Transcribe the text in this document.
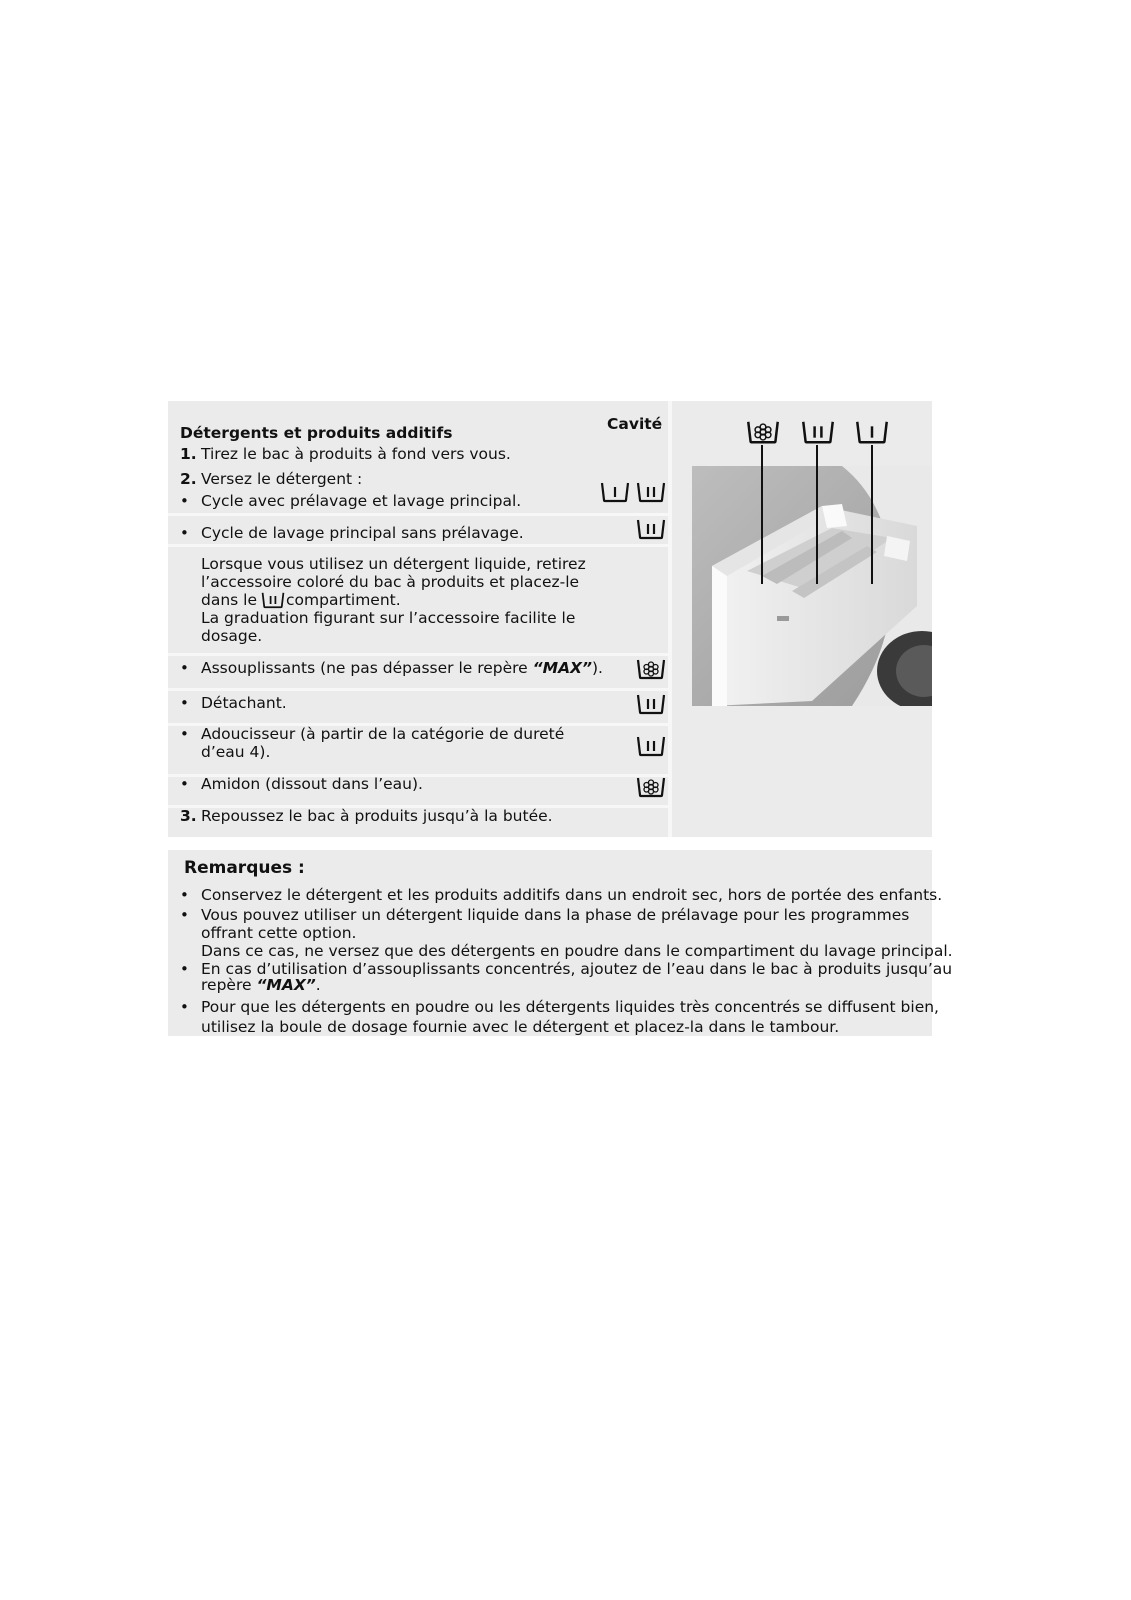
Détergents et produits additifs	Cavité
1. Tirez le bac à produits à fond vers vous.
2. Versez le détergent :
• Cycle avec prélavage et lavage principal.
• Cycle de lavage principal sans prélavage.
Lorsque vous utilisez un détergent liquide, retirez
l’accessoire coloré du bac à produits et placez-le
dans le compartiment.
La graduation figurant sur l’accessoire facilite le
dosage.
• Assouplissants (ne pas dépasser le repère “MAX”).
• Détachant.
• Adoucisseur (à partir de la catégorie de dureté
d’eau 4).
• Amidon (dissout dans l’eau).
3. Repoussez le bac à produits jusqu’à la butée.
Remarques :
• Conservez le détergent et les produits additifs dans un endroit sec, hors de portée des enfants.
• Vous pouvez utiliser un détergent liquide dans la phase de prélavage pour les programmes
offrant cette option.
Dans ce cas, ne versez que des détergents en poudre dans le compartiment du lavage principal.
• En cas d’utilisation d’assouplissants concentrés, ajoutez de l’eau dans le bac à produits jusqu’au
repère “MAX”.
• Pour que les détergents en poudre ou les détergents liquides très concentrés se diffusent bien,
utilisez la boule de dosage fournie avec le détergent et placez-la dans le tambour.
